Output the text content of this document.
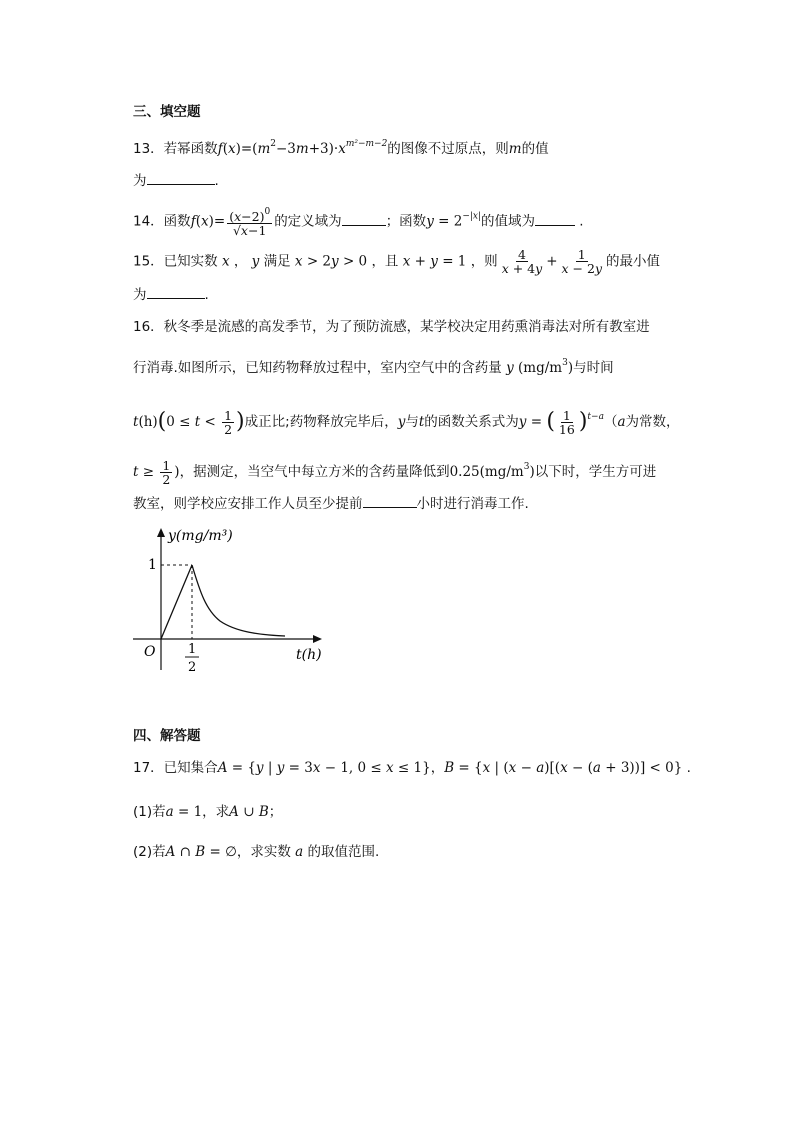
三、填空题
13．若幂函数$f(x)=(m^2-3m+3)\cdot x^{m^2-m-2}$的图像不过原点，则m的值
为	.
14．函数$f(x)= \frac{(x-2)^0}{√x-1}$ 的定义域为	；函数$y = 2^{-|x|}$的值域为	.
15．已知实数 x ， y 满足 x > 2y > 0 ，且 x + y = 1 ，则 $\frac{4}{x + 4y} + \frac{1}{x - 2y}$ 的最小值
为	.
16．秋冬季是流感的高发季节，为了预防流感，某学校决定用药熏消毒法对所有教室进
行消毒.如图所示，已知药物释放过程中，室内空气中的含药量 y $(mg/m^3)$与时间
$t(h)(0 \le t < \frac{1}{2}$ )成正比;药物释放完毕后，y与t的函数关系式为y = ( $\frac{1}{16} )^{t-a}(a$为常数，
$t \ge \frac{1}{2}$ )，据测定，当空气中每立方米的含药量降低到$0.25(mg/m^3)$以下时，学生方可进
教室，则学校应安排工作人员至少提前	小时进行消毒工作.
y(mg/m³)
1
O	1
2
t(h)
四、解答题
17．已知集合A = {y | y = 3x − 1, 0 ≤ x ≤ 1}，B = {x | (x − a)[(x − (a + 3))] < 0} .
(1)若a = 1，求A ∪ B；
(2)若A ∩ B = ∅，求实数 a 的取值范围.
